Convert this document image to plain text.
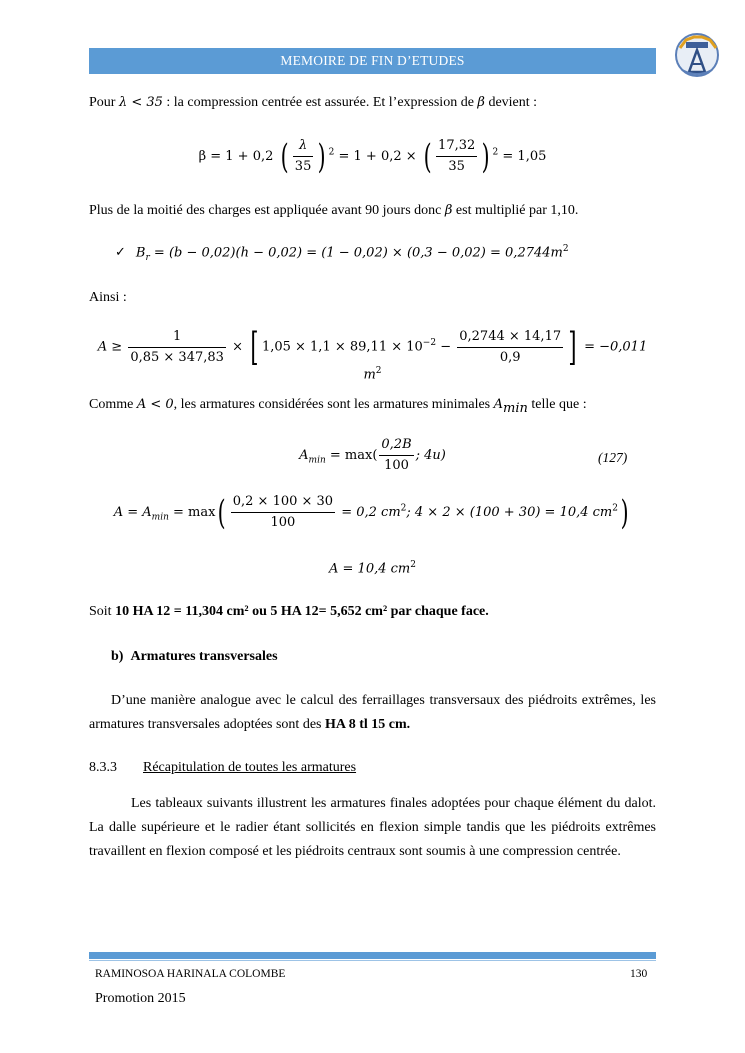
MEMOIRE DE FIN D’ETUDES
Pour λ < 35 : la compression centrée est assurée. Et l’expression de β devient :
β = 1 + 0,2 ( $\frac{\lambda}{35}$ ) $^2$ = 1 + 0,2 × ( $\frac{17,32}{35}$ ) $^2$ = 1,05
Plus de la moitié des charges est appliquée avant 90 jours donc β est multiplié par 1,10.
✓ $B_r = (b - 0,02)(h - 0,02) = (1 - 0,02) \times (0,3 - 0,02) = 0,2744m^2$
Ainsi :
$A \ge \frac{1}{0,85 \times 347,83}$ × [ $1,05 \times 1,1 \times 89,11 \times 10^{-2} - \frac{0,2744 \times 14,17}{0,9}$ ] = −0,011 $m^2$
Comme A < 0, les armatures considérées sont les armatures minimales $A_{min}$ telle que :
$A_{min} = \max( \frac{0,2B}{100}$ ; 4u)	(127)
$A = A_{min} = \max( \frac{0,2 \times 100 \times 30}{100} = 0,2$ $cm^2$; 4 × 2 × (100 + 30) = 10,4 $cm^2$)
A = 10,4 $cm^2$
Soit 10 HA 12 = 11,304 cm² ou 5 HA 12= 5,652 cm² par chaque face.
b) Armatures transversales
D’une manière analogue avec le calcul des ferraillages transversaux des piédroits extrêmes, les armatures transversales adoptées sont des HA 8 tl 15 cm.
8.3.3 Récapitulation de toutes les armatures
Les tableaux suivants illustrent les armatures finales adoptées pour chaque élément du dalot. La dalle supérieure et le radier étant sollicités en flexion simple tandis que les piédroits extrêmes travaillent en flexion composé et les piédroits centraux sont soumis à une compression centrée.
RAMINOSOA HARINALA COLOMBE	130
Promotion 2015
